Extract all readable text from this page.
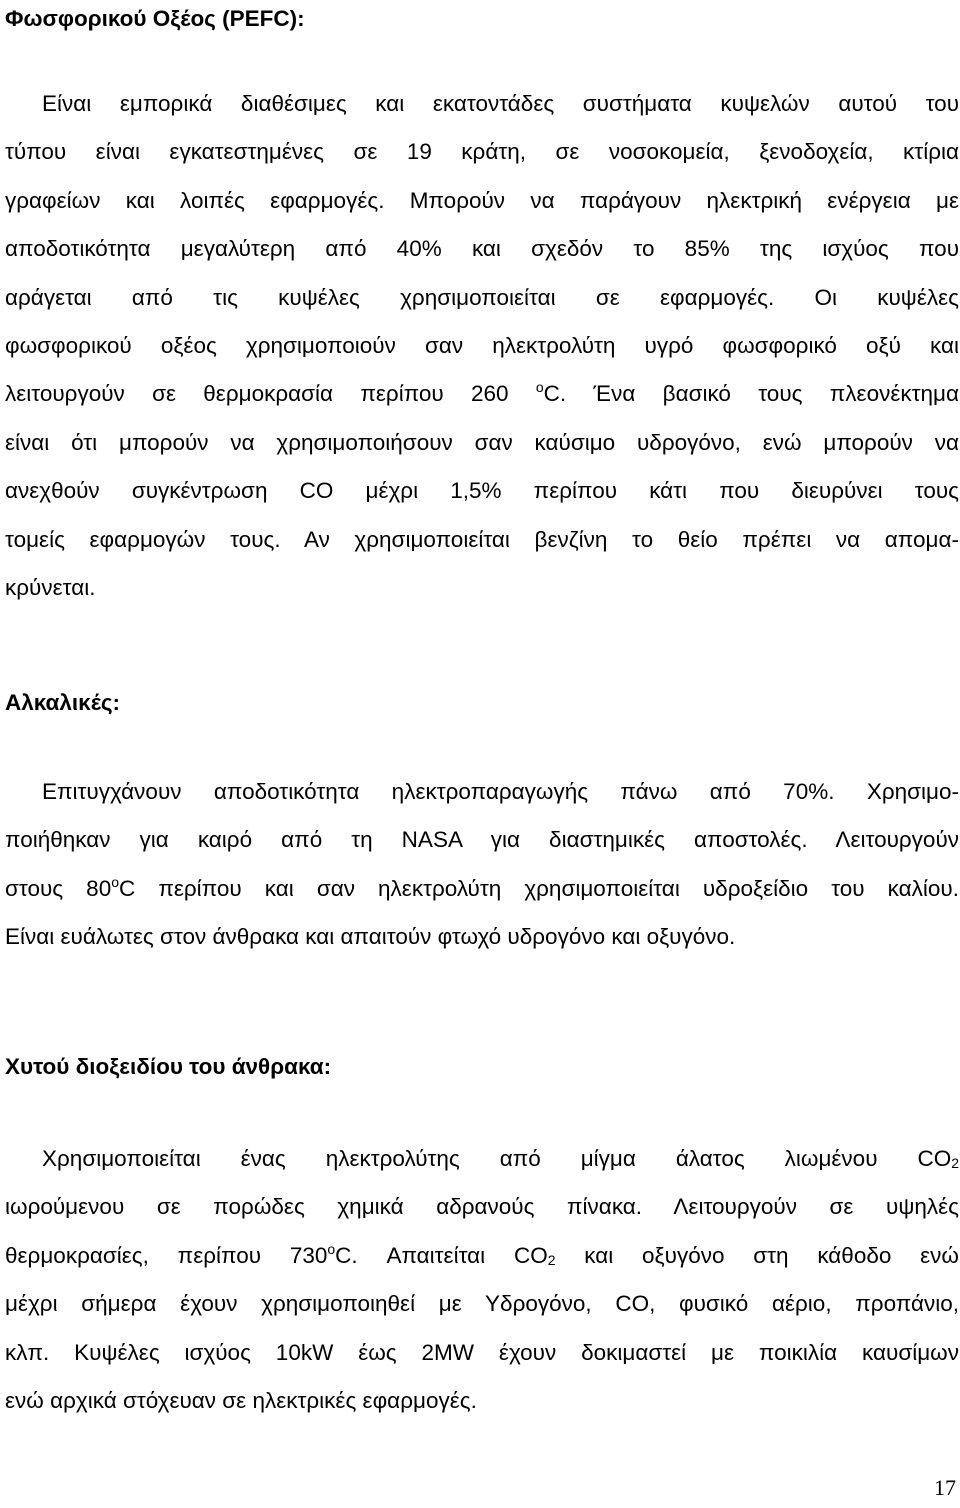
Φωσφορικού Οξέος (PEFC):
Είναι εμπορικά διαθέσιμες και εκατοντάδες συστήματα κυψελών αυτού του
τύπου είναι εγκατεστημένες σε 19 κράτη, σε νοσοκομεία, ξενοδοχεία, κτίρια
γραφείων και λοιπές εφαρμογές. Μπορούν να παράγουν ηλεκτρική ενέργεια με
αποδοτικότητα μεγαλύτερη από 40% και σχεδόν το 85% της ισχύος που
αράγεται από τις κυψέλες χρησιμοποιείται σε εφαρμογές. Οι κυψέλες
φωσφορικού οξέος χρησιμοποιούν σαν ηλεκτρολύτη υγρό φωσφορικό οξύ και
λειτουργούν σε θερμοκρασία περίπου 260 $^o$C. Ένα βασικό τους πλεονέκτημα
είναι ότι μπορούν να χρησιμοποιήσουν σαν καύσιμο υδρογόνο, ενώ μπορούν να
ανεχθούν συγκέντρωση CO μέχρι 1,5% περίπου κάτι που διευρύνει τους
τομείς εφαρμογών τους. Αν χρησιμοποιείται βενζίνη το θείο πρέπει να απομα-
κρύνεται.
Αλκαλικές:
Επιτυγχάνουν αποδοτικότητα ηλεκτροπαραγωγής πάνω από 70%. Χρησιμο-
ποιήθηκαν για καιρό από τη NASA για διαστημικές αποστολές. Λειτουργούν
στους 80$^o$C περίπου και σαν ηλεκτρολύτη χρησιμοποιείται υδροξείδιο του καλίου.
Είναι ευάλωτες στον άνθρακα και απαιτούν φτωχό υδρογόνο και οξυγόνο.
Χυτού διοξειδίου του άνθρακα:
Χρησιμοποιείται ένας ηλεκτρολύτης από μίγμα άλατος λιωμένου $CO_2$
ιωρούμενου σε πορώδες χημικά αδρανούς πίνακα. Λειτουργούν σε υψηλές
θερμοκρασίες, περίπου 730$^o$C. Απαιτείται $CO_2$ και οξυγόνο στη κάθοδο ενώ
μέχρι σήμερα έχουν χρησιμοποιηθεί με Υδρογόνο, CO, φυσικό αέριο, προπάνιο,
κλπ. Κυψέλες ισχύος 10kW έως 2MW έχουν δοκιμαστεί με ποικιλία καυσίμων
ενώ αρχικά στόχευαν σε ηλεκτρικές εφαρμογές.
17
